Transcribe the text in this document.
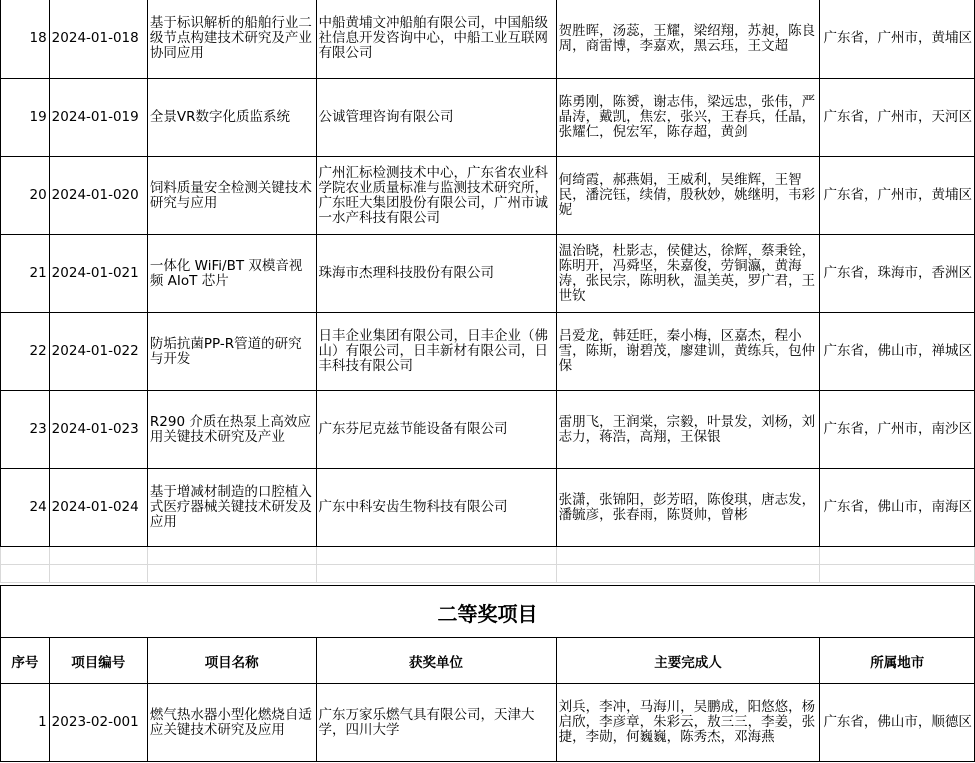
18	2024-01-018	基于标识解析的船舶行业二级节点构建技术研究及产业协同应用	中船黄埔文冲船舶有限公司，中国船级社信息开发咨询中心，中船工业互联网有限公司	贺胜晖，汤蕊，王耀，梁绍翔，苏昶，陈良周，商雷博，李嘉欢，黑云珏，王文超	广东省，广州市，黄埔区
19	2024-01-019	全景VR数字化质监系统	公诚管理咨询有限公司	陈勇刚，陈赟，谢志伟，梁远忠，张伟，严晶涛，戴凯，焦宏，张兴，王春兵，任晶，张耀仁，倪宏军，陈存超，黄剑	广东省，广州市，天河区
20	2024-01-020	饲料质量安全检测关键技术研究与应用	广州汇标检测技术中心，广东省农业科学院农业质量标准与监测技术研究所，广东旺大集团股份有限公司，广州市诚一水产科技有限公司	何绮霞，郝燕娟，王威利，吴维辉，王智民，潘浣钰，续倩，殷秋妙，姚继明，韦彩妮	广东省，广州市，黄埔区
21	2024-01-021	一体化 WiFi/BT 双模音视频 AIoT 芯片	珠海市杰理科技股份有限公司	温治晓，杜影志，侯健达，徐辉，蔡秉铨，陈明开，冯舜坚，朱嘉俊，劳铜瀛，黄海涛，张民宗，陈明秋，温美英，罗广君，王世钦	广东省，珠海市，香洲区
22	2024-01-022	防垢抗菌PP-R管道的研究与开发	日丰企业集团有限公司，日丰企业（佛山）有限公司，日丰新材有限公司，日丰科技有限公司	吕爱龙，韩廷旺，秦小梅，区嘉杰，程小雪，陈斯，谢碧茂，廖建训，黄练兵，包仲保	广东省，佛山市，禅城区
23	2024-01-023	R290 介质在热泵上高效应用关键技术研究及产业	广东芬尼克兹节能设备有限公司	雷朋飞，王润棠，宗毅，叶景发，刘杨，刘志力，蒋浩，高翔，王保银	广东省，广州市，南沙区
24	2024-01-024	基于增减材制造的口腔植入式医疗器械关键技术研发及应用	广东中科安齿生物科技有限公司	张潇，张锦阳，彭芳昭，陈俊琪，唐志发，潘毓彦，张春雨，陈贤帅，曾彬	广东省，佛山市，南海区

二等奖项目
序号	项目编号	项目名称	获奖单位	主要完成人	所属地市
1	2023-02-001	燃气热水器小型化燃烧自适应关键技术研究及应用	广东万家乐燃气具有限公司，天津大学，四川大学	刘兵，李冲，马海川，吴鹏成，阳悠悠，杨启欣，李彦章，朱彩云，敖三三，李姜，张捷，李勋，何巍巍，陈秀杰，邓海燕	广东省，佛山市，顺德区
